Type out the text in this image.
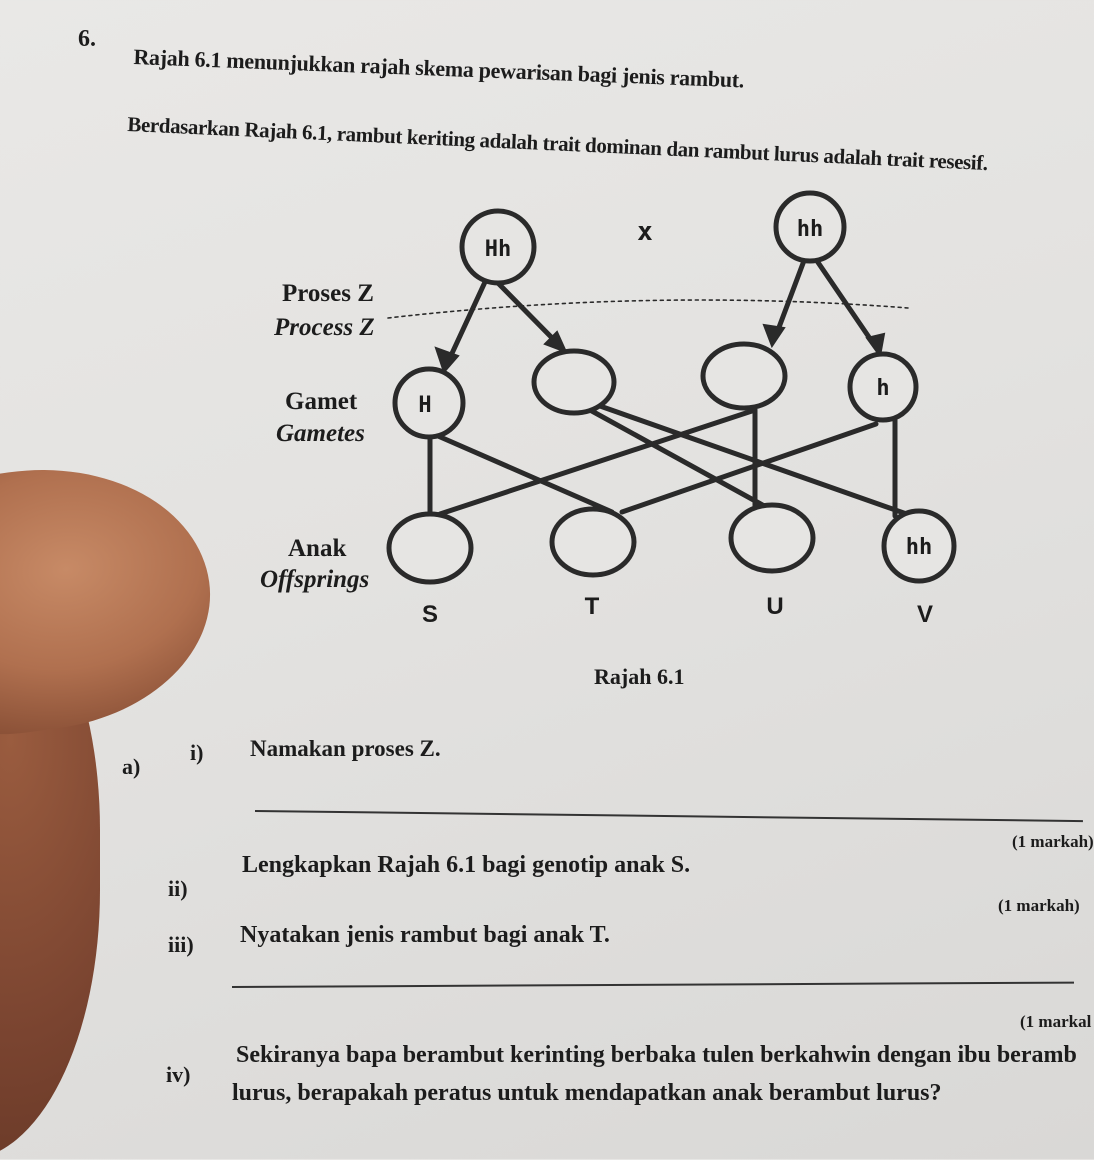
6.
Rajah 6.1 menunjukkan rajah skema pewarisan bagi jenis rambut.
Berdasarkan Rajah 6.1, rambut keriting adalah trait dominan dan rambut lurus adalah trait resesif.
Hh
hh
x
H
h
hh
S	T	U	V
Proses Z
Process Z
Gamet
Gametes
Anak
Offsprings
Rajah 6.1
a)
i) Namakan proses Z.
(1 markah)
ii)
Lengkapkan Rajah 6.1 bagi genotip anak S.
(1 markah)
iii) Nyatakan jenis rambut bagi anak T.
(1 markal
iv)
Sekiranya bapa berambut kerinting berbaka tulen berkahwin dengan ibu beramb
lurus, berapakah peratus untuk mendapatkan anak berambut lurus?
